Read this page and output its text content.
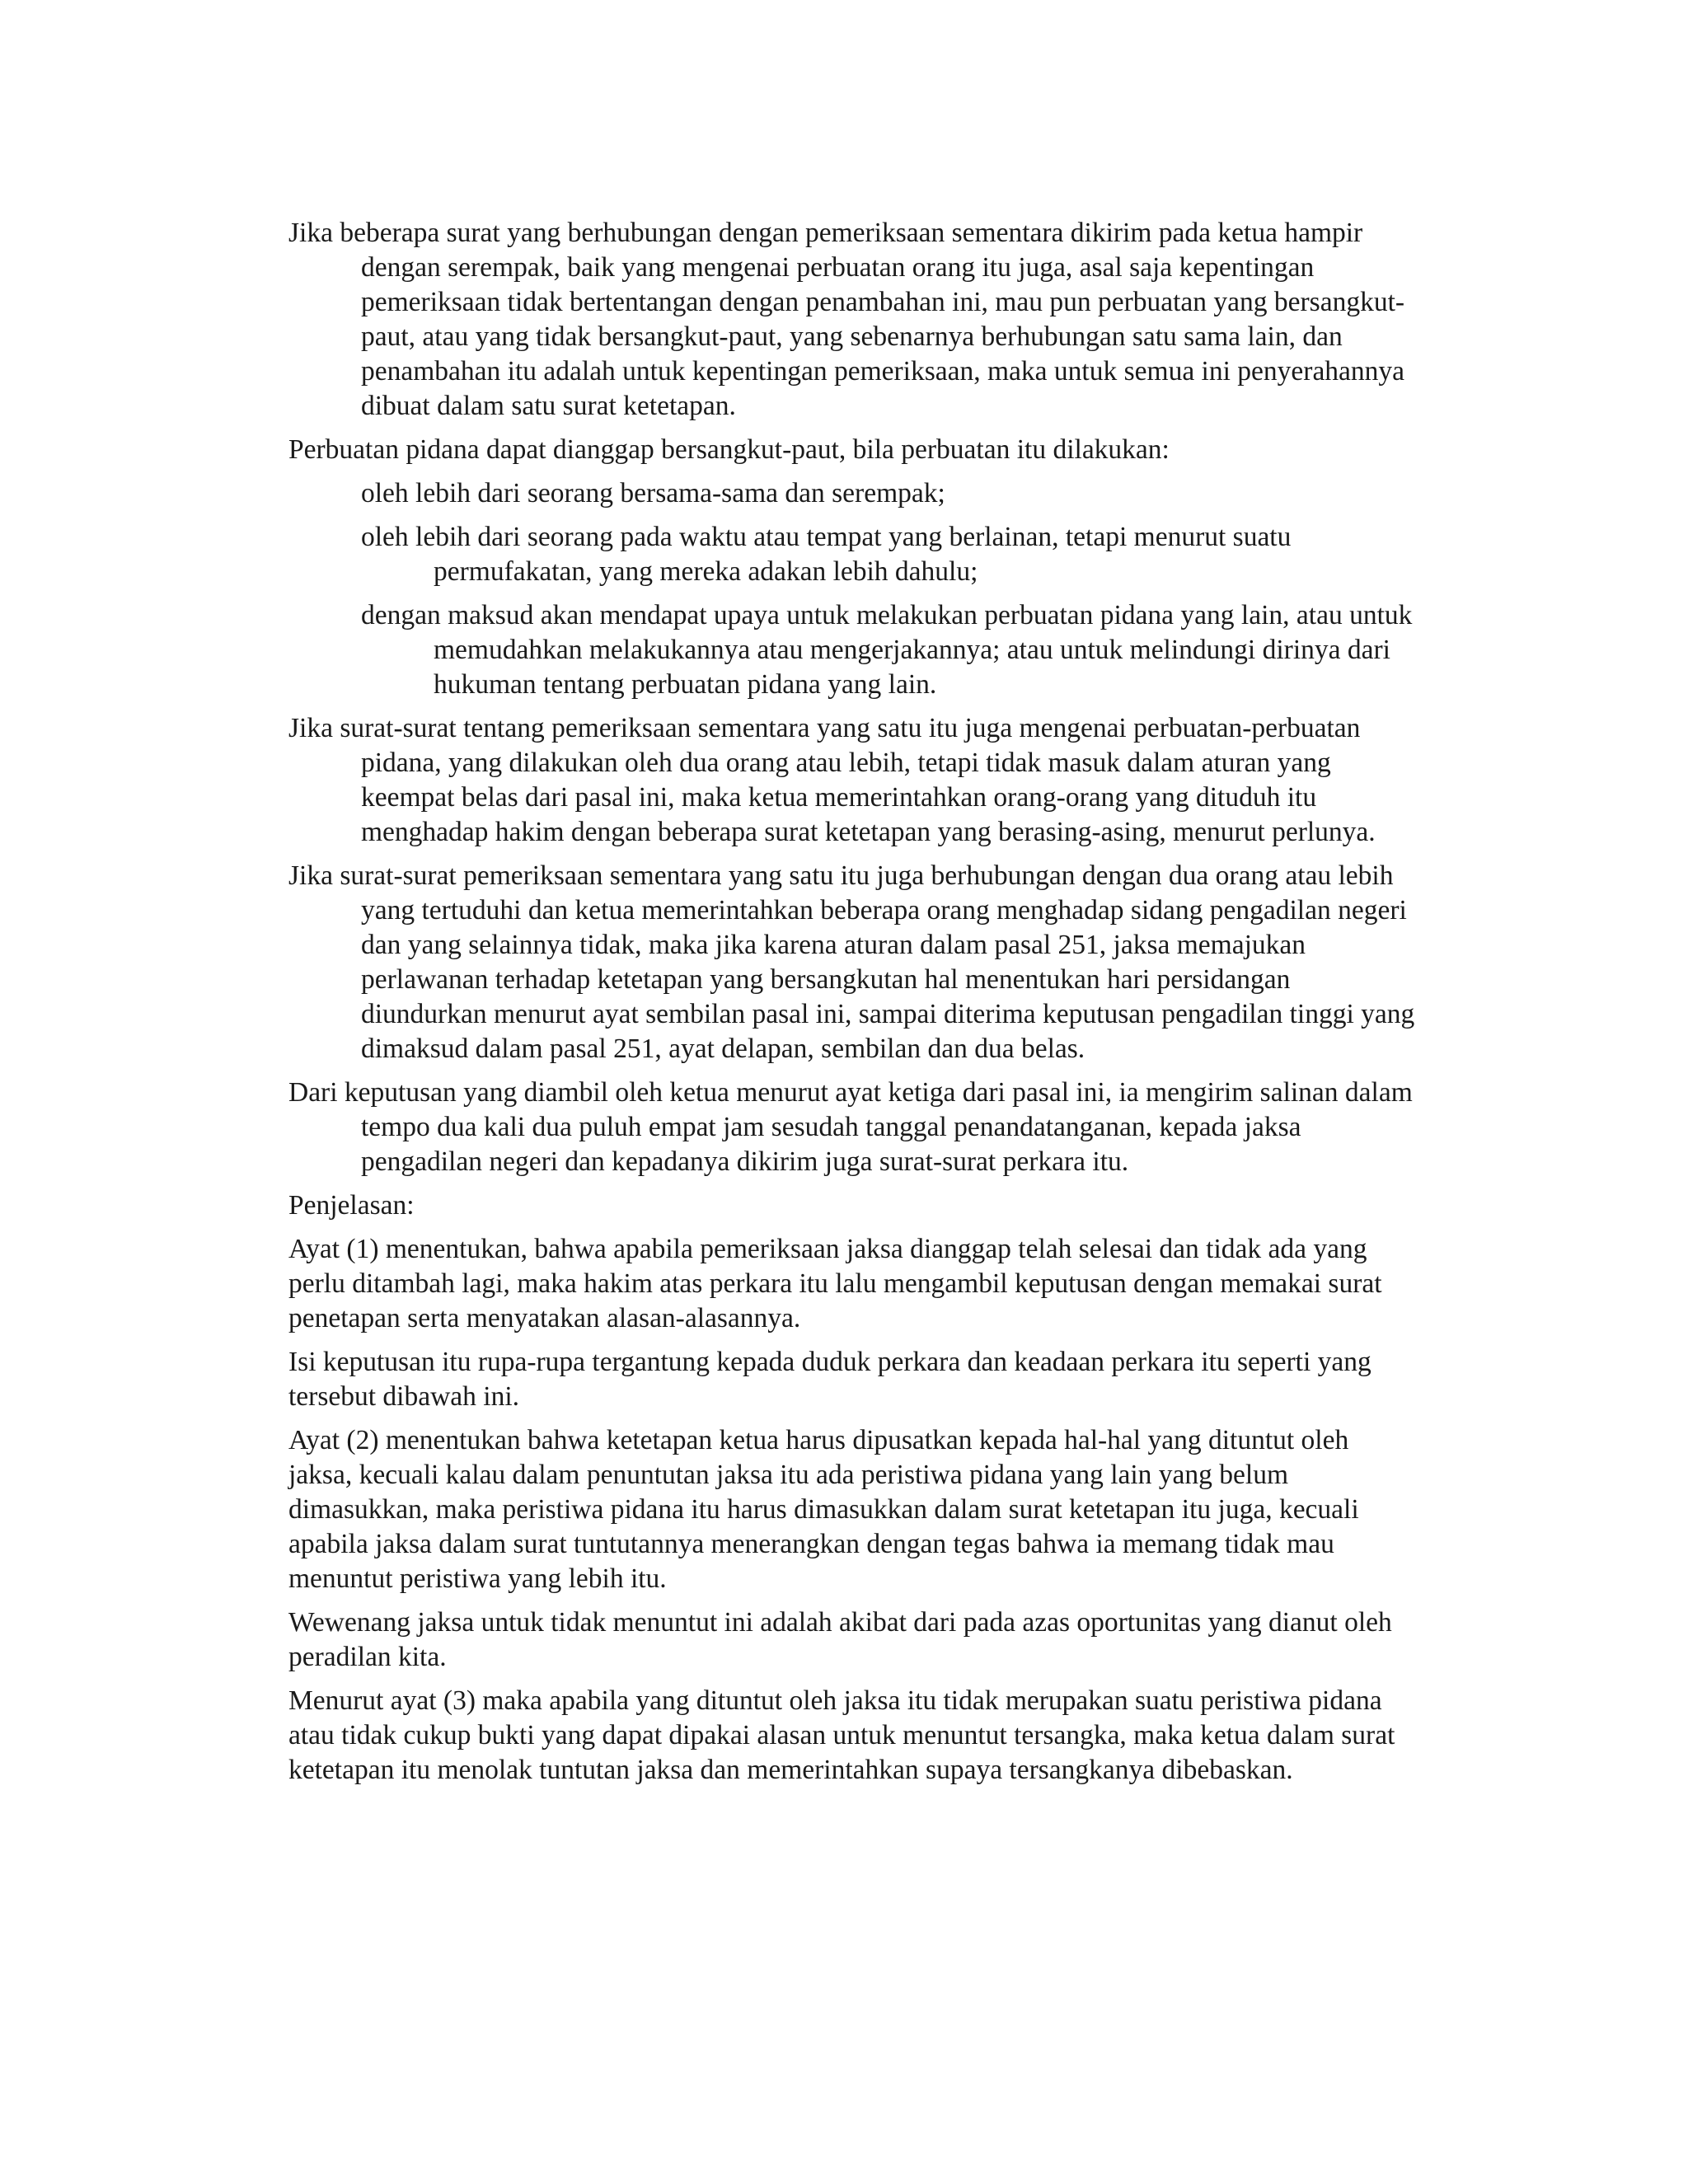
Jika beberapa surat yang berhubungan dengan pemeriksaan sementara dikirim pada ketua hampir dengan serempak, baik yang mengenai perbuatan orang itu juga, asal saja kepentingan pemeriksaan tidak bertentangan dengan penambahan ini, mau pun perbuatan yang bersangkut-paut, atau yang tidak bersangkut-paut, yang sebenarnya berhubungan satu sama lain, dan penambahan itu adalah untuk kepentingan pemeriksaan, maka untuk semua ini penyerahannya dibuat dalam satu surat ketetapan.

Perbuatan pidana dapat dianggap bersangkut-paut, bila perbuatan itu dilakukan:

oleh lebih dari seorang bersama-sama dan serempak;

oleh lebih dari seorang pada waktu atau tempat yang berlainan, tetapi menurut suatu permufakatan, yang mereka adakan lebih dahulu;

dengan maksud akan mendapat upaya untuk melakukan perbuatan pidana yang lain, atau untuk memudahkan melakukannya atau mengerjakannya; atau untuk melindungi dirinya dari hukuman tentang perbuatan pidana yang lain.

Jika surat-surat tentang pemeriksaan sementara yang satu itu juga mengenai perbuatan-perbuatan pidana, yang dilakukan oleh dua orang atau lebih, tetapi tidak masuk dalam aturan yang keempat belas dari pasal ini, maka ketua memerintahkan orang-orang yang dituduh itu menghadap hakim dengan beberapa surat ketetapan yang berasing-asing, menurut perlunya.

Jika surat-surat pemeriksaan sementara yang satu itu juga berhubungan dengan dua orang atau lebih yang tertuduhi dan ketua memerintahkan beberapa orang menghadap sidang pengadilan negeri dan yang selainnya tidak, maka jika karena aturan dalam pasal 251, jaksa memajukan perlawanan terhadap ketetapan yang bersangkutan hal menentukan hari persidangan diundurkan menurut ayat sembilan pasal ini, sampai diterima keputusan pengadilan tinggi yang dimaksud dalam pasal 251, ayat delapan, sembilan dan dua belas.

Dari keputusan yang diambil oleh ketua menurut ayat ketiga dari pasal ini, ia mengirim salinan dalam tempo dua kali dua puluh empat jam sesudah tanggal penandatanganan, kepada jaksa pengadilan negeri dan kepadanya dikirim juga surat-surat perkara itu.

Penjelasan:

Ayat (1) menentukan, bahwa apabila pemeriksaan jaksa dianggap telah selesai dan tidak ada yang perlu ditambah lagi, maka hakim atas perkara itu lalu mengambil keputusan dengan memakai surat penetapan serta menyatakan alasan-alasannya.

Isi keputusan itu rupa-rupa tergantung kepada duduk perkara dan keadaan perkara itu seperti yang tersebut dibawah ini.

Ayat (2) menentukan bahwa ketetapan ketua harus dipusatkan kepada hal-hal yang dituntut oleh jaksa, kecuali kalau dalam penuntutan jaksa itu ada peristiwa pidana yang lain yang belum dimasukkan, maka peristiwa pidana itu harus dimasukkan dalam surat ketetapan itu juga, kecuali apabila jaksa dalam surat tuntutannya menerangkan dengan tegas bahwa ia memang tidak mau menuntut peristiwa yang lebih itu.

Wewenang jaksa untuk tidak menuntut ini adalah akibat dari pada azas oportunitas yang dianut oleh peradilan kita.

Menurut ayat (3) maka apabila yang dituntut oleh jaksa itu tidak merupakan suatu peristiwa pidana atau tidak cukup bukti yang dapat dipakai alasan untuk menuntut tersangka, maka ketua dalam surat ketetapan itu menolak tuntutan jaksa dan memerintahkan supaya tersangkanya dibebaskan.
